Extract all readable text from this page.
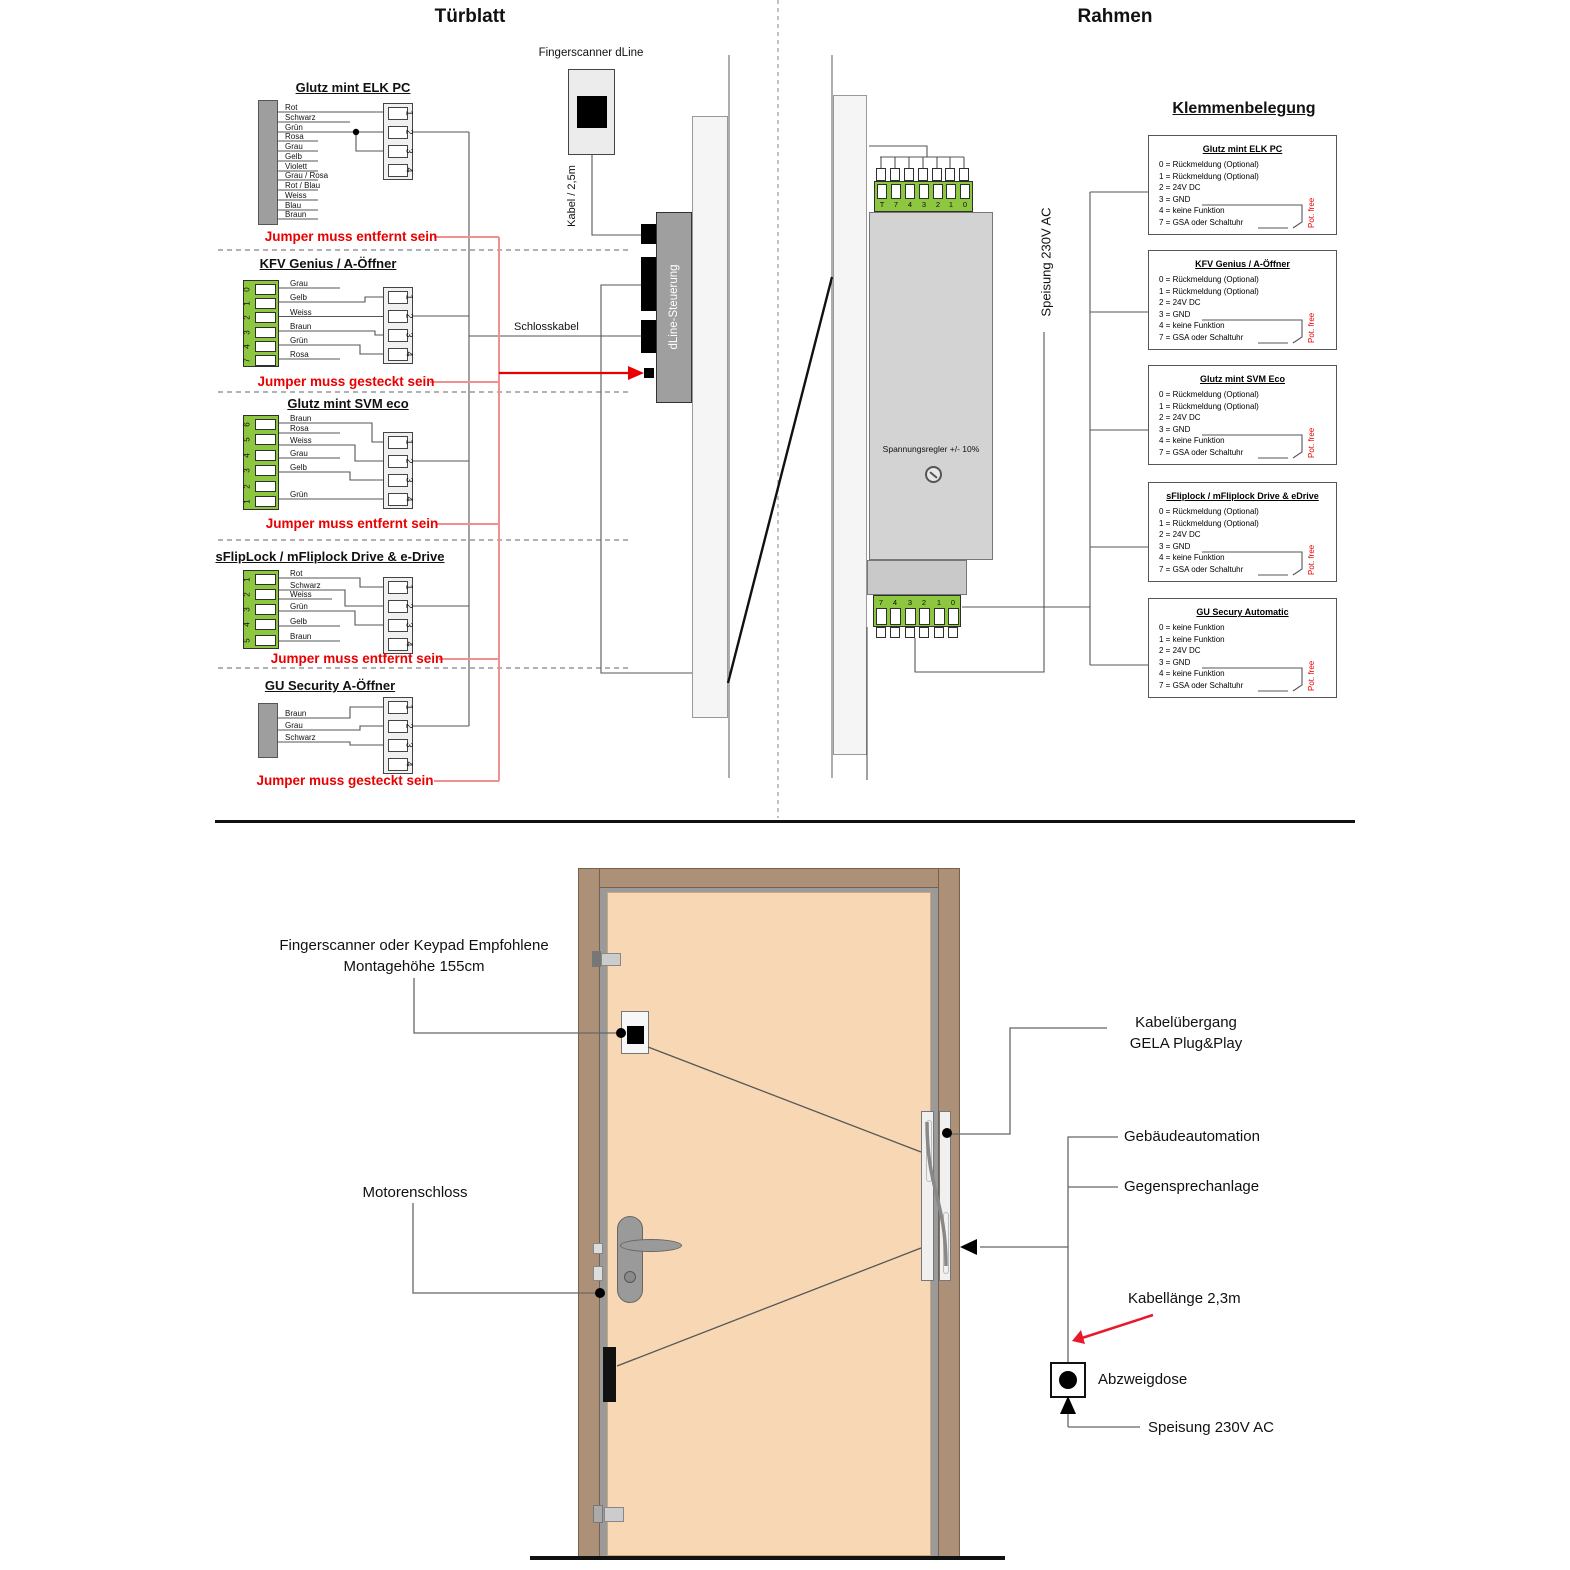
1
2
3
4
0
1
2
3
4
7
1
2
3
4
6
5
4
3
2
1
1
2
3
4
1
2
3
4
5
1
2
3
4
1
2
3
4
T	7	4	3	2	1	0
7	4	3	2	1	0
Glutz mint ELK PC
0 = Rückmeldung (Optional)
1 = Rückmeldung (Optional)
2 = 24V DC
3 = GND
4 = keine Funktion
7 = GSA oder Schaltuhr	Pot. free
KFV Genius / A-Öffner
0 = Rückmeldung (Optional)
1 = Rückmeldung (Optional)
2 = 24V DC
3 = GND
4 = keine Funktion
7 = GSA oder Schaltuhr	Pot. free
Glutz mint SVM Eco
0 = Rückmeldung (Optional)
1 = Rückmeldung (Optional)
2 = 24V DC
3 = GND
4 = keine Funktion
7 = GSA oder Schaltuhr	Pot. free
sFliplock / mFliplock Drive & eDrive
0 = Rückmeldung (Optional)
1 = Rückmeldung (Optional)
2 = 24V DC
3 = GND
4 = keine Funktion
7 = GSA oder Schaltuhr	Pot. free
GU Secury Automatic
0 = keine Funktion
1 = keine Funktion
2 = 24V DC
3 = GND
4 = keine Funktion
7 = GSA oder Schaltuhr	Pot. free
Türblatt	Rahmen
Glutz mint ELK PC
KFV Genius / A-Öffner
Glutz mint SVM eco
sFlipLock / mFliplock Drive & e-Drive
GU Security A-Öffner
Jumper muss entfernt sein
Jumper muss gesteckt sein
Jumper muss entfernt sein
Jumper muss entfernt sein
Jumper muss gesteckt sein
Rot
Schwarz
Grün
Rosa
Grau
Gelb
Violett
Grau / Rosa
Rot / Blau
Weiss
Blau
Braun
Grau
Gelb
Weiss
Braun
Grün
Rosa
Braun
Rosa
Weiss
Grau
Gelb
Grün
Rot
Schwarz
Weiss
Grün
Gelb
Braun
Braun
Grau
Schwarz
Fingerscanner dLine
Kabel / 2,5m
Schlosskabel	dLine-Steuerung	Speisung 230V AC
Spannungsregler +/- 10%
Klemmenbelegung
Fingerscanner oder Keypad Empfohlene
Montagehöhe 155cm
Motorenschloss
Kabelübergang
GELA Plug&Play
Gebäudeautomation
Gegensprechanlage
Kabellänge 2,3m
Abzweigdose
Speisung 230V AC
